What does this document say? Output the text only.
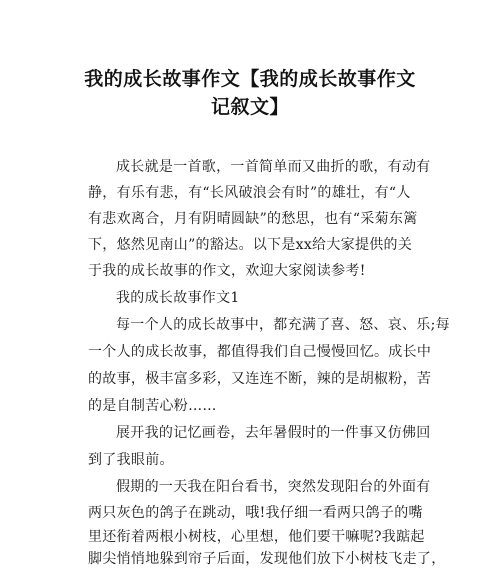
我的成长故事作文【我的成长故事作文
记叙文】
成长就是一首歌，一首简单而又曲折的歌，有动有
静，有乐有悲，有“长风破浪会有时”的雄壮，有“人
有悲欢离合，月有阴晴圆缺”的愁思，也有“采菊东篱
下，悠然见南山”的豁达。以下是xx给大家提供的关
于我的成长故事的作文，欢迎大家阅读参考!
我的成长故事作文1
每一个人的成长故事中，都充满了喜、怒、哀、乐;每
一个人的成长故事，都值得我们自己慢慢回忆。成长中
的故事，极丰富多彩，又连连不断，辣的是胡椒粉，苦
的是自制苦心粉……
展开我的记忆画卷，去年暑假时的一件事又仿佛回
到了我眼前。
假期的一天我在阳台看书，突然发现阳台的外面有
两只灰色的鸽子在跳动，哦!我仔细一看两只鸽子的嘴
里还衔着两根小树枝，心里想，他们要干嘛呢?我踮起
脚尖悄悄地躲到帘子后面，发现他们放下小树枝飞走了，
